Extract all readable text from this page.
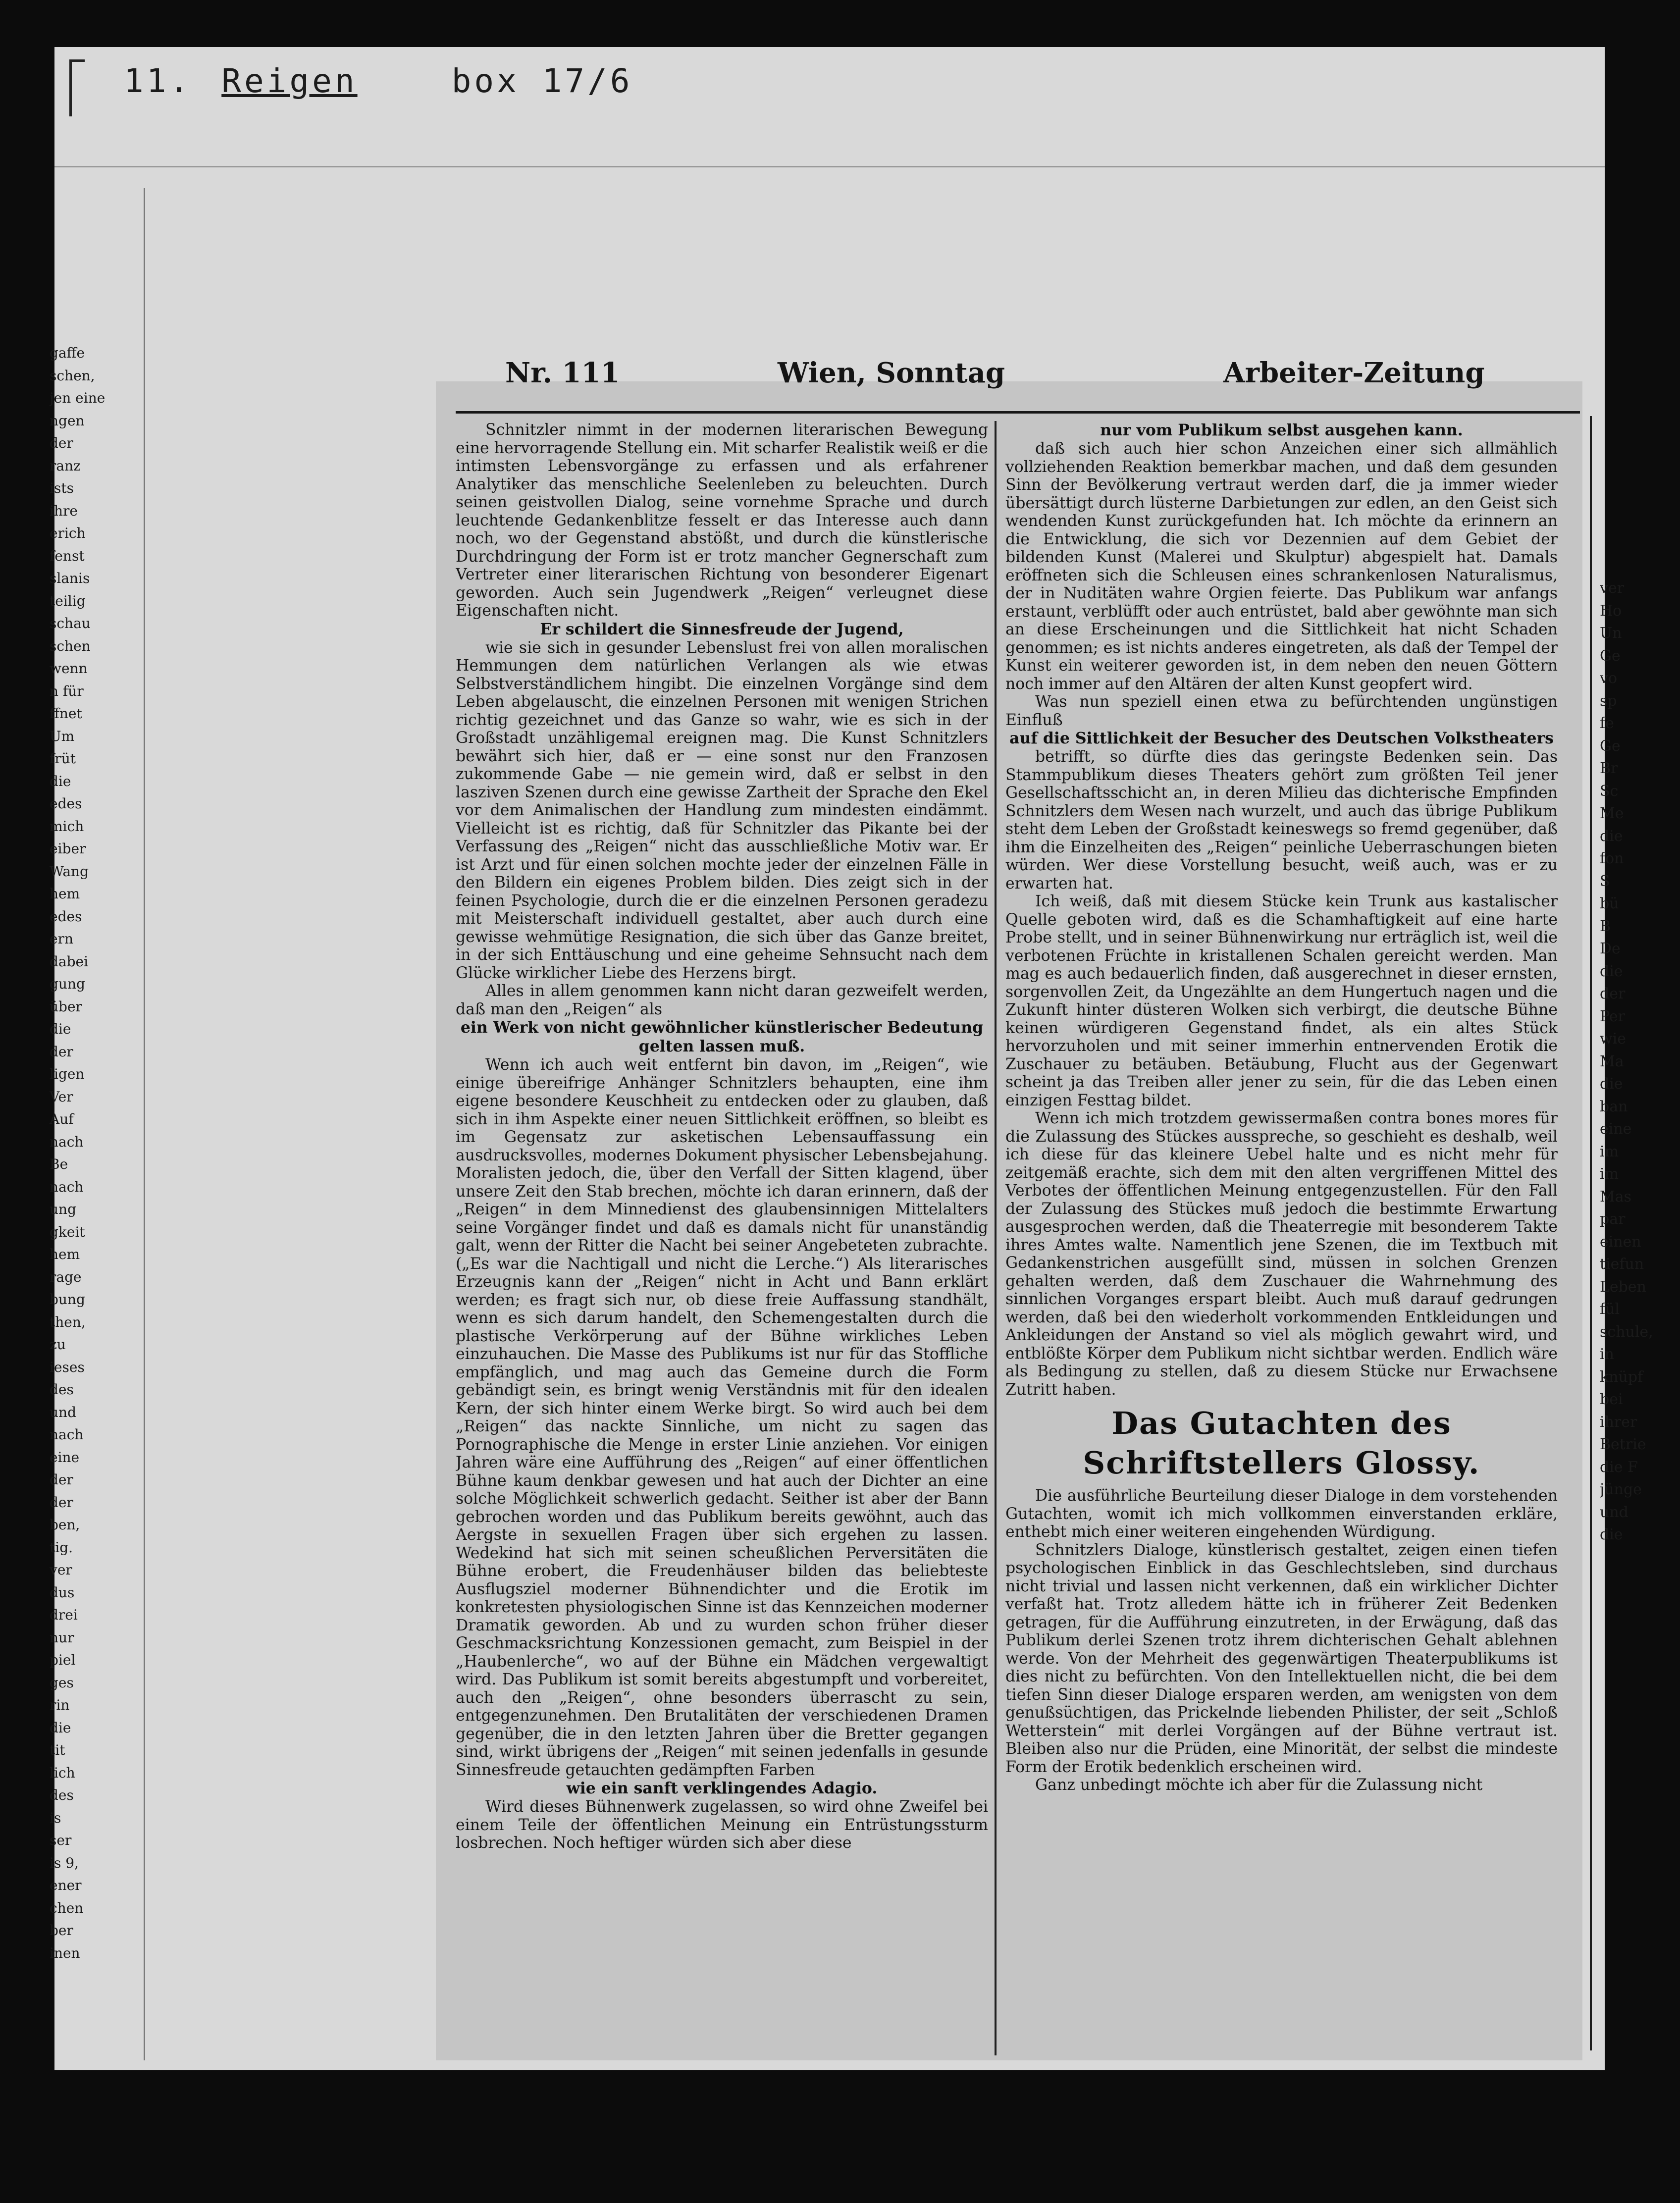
11. Reigen	box 17/6

gaffe

schen,

jen eine

ngen

der

ranz

ists

ihre

erich

fenst

slanis

teilig

schau

schen

wenn

n für

ffnet

Um

früt

die

edes

mich

eiber

Wang

hem

edes

ern

dabei

gung

über

die

der

ligen

Ver

Auf

nach

Be

nach

ung

gkeit

hem

rage

bung

then,

zu

ieses

des

und

nach

eine

der

der

ben,

tig.

ver

dus

drei

nur

piel

ges

rin

die

tit

lich

des

is

ser

is 9,

ener

chen

ber

inen

ver

Ho

Un

Ge

vo

sp

fe

Ge

Br

Sc

Me

die

fon

S

bü

B

De

die

der

Per

wie

Ma

die

ban

eine

im

im

Mas

par

einen

tiefun

Leben

fül

schule,

in

knüpf

bei

ihrer

Betrie

die F

jünge

und

die

Nr. 111	Wien, Sonntag	Arbeiter-Zeitung

Schnitzler nimmt in der modernen literarischen Bewegung eine hervorragende Stellung ein. Mit scharfer Realistik weiß er die intimsten Lebensvorgänge zu erfassen und als erfahrener Analytiker das menschliche Seelenleben zu beleuchten. Durch seinen geistvollen Dialog, seine vornehme Sprache und durch leuchtende Gedankenblitze fesselt er das Interesse auch dann noch, wo der Gegenstand abstößt, und durch die künstlerische Durchdringung der Form ist er trotz mancher Gegnerschaft zum Vertreter einer literarischen Richtung von besonderer Eigenart geworden. Auch sein Jugendwerk „Reigen“ verleugnet diese Eigenschaften nicht.

Er schildert die Sinnesfreude der Jugend,

wie sie sich in gesunder Lebenslust frei von allen moralischen Hemmungen dem natürlichen Verlangen als wie etwas Selbstverständlichem hingibt. Die einzelnen Vorgänge sind dem Leben abgelauscht, die einzelnen Personen mit wenigen Strichen richtig gezeichnet und das Ganze so wahr, wie es sich in der Großstadt unzähligemal ereignen mag. Die Kunst Schnitzlers bewährt sich hier, daß er — eine sonst nur den Franzosen zukommende Gabe — nie gemein wird, daß er selbst in den lasziven Szenen durch eine gewisse Zartheit der Sprache den Ekel vor dem Animalischen der Handlung zum mindesten eindämmt. Vielleicht ist es richtig, daß für Schnitzler das Pikante bei der Verfassung des „Reigen“ nicht das ausschließliche Motiv war. Er ist Arzt und für einen solchen mochte jeder der einzelnen Fälle in den Bildern ein eigenes Problem bilden. Dies zeigt sich in der feinen Psychologie, durch die er die einzelnen Personen geradezu mit Meisterschaft individuell gestaltet, aber auch durch eine gewisse wehmütige Resignation, die sich über das Ganze breitet, in der sich Enttäuschung und eine geheime Sehnsucht nach dem Glücke wirklicher Liebe des Herzens birgt.

Alles in allem genommen kann nicht daran gezweifelt werden, daß man den „Reigen“ als

ein Werk von nicht gewöhnlicher künstlerischer Bedeutung gelten lassen muß.

Wenn ich auch weit entfernt bin davon, im „Reigen“, wie einige übereifrige Anhänger Schnitzlers behaupten, eine ihm eigene besondere Keuschheit zu entdecken oder zu glauben, daß sich in ihm Aspekte einer neuen Sittlichkeit eröffnen, so bleibt es im Gegensatz zur asketischen Lebensauffassung ein ausdrucksvolles, modernes Dokument physischer Lebensbejahung. Moralisten jedoch, die, über den Verfall der Sitten klagend, über unsere Zeit den Stab brechen, möchte ich daran erinnern, daß der „Reigen“ in dem Minnedienst des glaubensinnigen Mittelalters seine Vorgänger findet und daß es damals nicht für unanständig galt, wenn der Ritter die Nacht bei seiner Angebeteten zubrachte. („Es war die Nachtigall und nicht die Lerche.“) Als literarisches Erzeugnis kann der „Reigen“ nicht in Acht und Bann erklärt werden; es fragt sich nur, ob diese freie Auffassung standhält, wenn es sich darum handelt, den Schemengestalten durch die plastische Verkörperung auf der Bühne wirkliches Leben einzuhauchen. Die Masse des Publikums ist nur für das Stoffliche empfänglich, und mag auch das Gemeine durch die Form gebändigt sein, es bringt wenig Verständnis mit für den idealen Kern, der sich hinter einem Werke birgt. So wird auch bei dem „Reigen“ das nackte Sinnliche, um nicht zu sagen das Pornographische die Menge in erster Linie anziehen. Vor einigen Jahren wäre eine Aufführung des „Reigen“ auf einer öffentlichen Bühne kaum denkbar gewesen und hat auch der Dichter an eine solche Möglichkeit schwerlich gedacht. Seither ist aber der Bann gebrochen worden und das Publikum bereits gewöhnt, auch das Aergste in sexuellen Fragen über sich ergehen zu lassen. Wedekind hat sich mit seinen scheußlichen Perversitäten die Bühne erobert, die Freudenhäuser bilden das beliebteste Ausflugsziel moderner Bühnendichter und die Erotik im konkretesten physiologischen Sinne ist das Kennzeichen moderner Dramatik geworden. Ab und zu wurden schon früher dieser Geschmacksrichtung Konzessionen gemacht, zum Beispiel in der „Haubenlerche“, wo auf der Bühne ein Mädchen vergewaltigt wird. Das Publikum ist somit bereits abgestumpft und vorbereitet, auch den „Reigen“, ohne besonders überrascht zu sein, entgegenzunehmen. Den Brutalitäten der verschiedenen Dramen gegenüber, die in den letzten Jahren über die Bretter gegangen sind, wirkt übrigens der „Reigen“ mit seinen jedenfalls in gesunde Sinnesfreude getauchten gedämpften Farben

wie ein sanft verklingendes Adagio.

Wird dieses Bühnenwerk zugelassen, so wird ohne Zweifel bei einem Teile der öffentlichen Meinung ein Entrüstungssturm losbrechen. Noch heftiger würden sich aber diese

nur vom Publikum selbst ausgehen kann.

daß sich auch hier schon Anzeichen einer sich allmählich vollziehenden Reaktion bemerkbar machen, und daß dem gesunden Sinn der Bevölkerung vertraut werden darf, die ja immer wieder übersättigt durch lüsterne Darbietungen zur edlen, an den Geist sich wendenden Kunst zurückgefunden hat. Ich möchte da erinnern an die Entwicklung, die sich vor Dezennien auf dem Gebiet der bildenden Kunst (Malerei und Skulptur) abgespielt hat. Damals eröffneten sich die Schleusen eines schrankenlosen Naturalismus, der in Nuditäten wahre Orgien feierte. Das Publikum war anfangs erstaunt, verblüfft oder auch entrüstet, bald aber gewöhnte man sich an diese Erscheinungen und die Sittlichkeit hat nicht Schaden genommen; es ist nichts anderes eingetreten, als daß der Tempel der Kunst ein weiterer geworden ist, in dem neben den neuen Göttern noch immer auf den Altären der alten Kunst geopfert wird.

Was nun speziell einen etwa zu befürchtenden ungünstigen Einfluß

auf die Sittlichkeit der Besucher des Deutschen Volkstheaters

betrifft, so dürfte dies das geringste Bedenken sein. Das Stammpublikum dieses Theaters gehört zum größten Teil jener Gesellschaftsschicht an, in deren Milieu das dichterische Empfinden Schnitzlers dem Wesen nach wurzelt, und auch das übrige Publikum steht dem Leben der Großstadt keineswegs so fremd gegenüber, daß ihm die Einzelheiten des „Reigen“ peinliche Ueberraschungen bieten würden. Wer diese Vorstellung besucht, weiß auch, was er zu erwarten hat.

Ich weiß, daß mit diesem Stücke kein Trunk aus kastalischer Quelle geboten wird, daß es die Schamhaftigkeit auf eine harte Probe stellt, und in seiner Bühnenwirkung nur erträglich ist, weil die verbotenen Früchte in kristallenen Schalen gereicht werden. Man mag es auch bedauerlich finden, daß ausgerechnet in dieser ernsten, sorgenvollen Zeit, da Ungezählte an dem Hungertuch nagen und die Zukunft hinter düsteren Wolken sich verbirgt, die deutsche Bühne keinen würdigeren Gegenstand findet, als ein altes Stück hervorzuholen und mit seiner immerhin entnervenden Erotik die Zuschauer zu betäuben. Betäubung, Flucht aus der Gegenwart scheint ja das Treiben aller jener zu sein, für die das Leben einen einzigen Festtag bildet.

Wenn ich mich trotzdem gewissermaßen contra bones mores für die Zulassung des Stückes ausspreche, so geschieht es deshalb, weil ich diese für das kleinere Uebel halte und es nicht mehr für zeitgemäß erachte, sich dem mit den alten vergriffenen Mittel des Verbotes der öffentlichen Meinung entgegenzustellen. Für den Fall der Zulassung des Stückes muß jedoch die bestimmte Erwartung ausgesprochen werden, daß die Theaterregie mit besonderem Takte ihres Amtes walte. Namentlich jene Szenen, die im Textbuch mit Gedankenstrichen ausgefüllt sind, müssen in solchen Grenzen gehalten werden, daß dem Zuschauer die Wahrnehmung des sinnlichen Vorganges erspart bleibt. Auch muß darauf gedrungen werden, daß bei den wiederholt vorkommenden Entkleidungen und Ankleidungen der Anstand so viel als möglich gewahrt wird, und entblößte Körper dem Publikum nicht sichtbar werden. Endlich wäre als Bedingung zu stellen, daß zu diesem Stücke nur Erwachsene Zutritt haben.

Das Gutachten des Schriftstellers Glossy.

Die ausführliche Beurteilung dieser Dialoge in dem vorstehenden Gutachten, womit ich mich vollkommen einverstanden erkläre, enthebt mich einer weiteren eingehenden Würdigung.

Schnitzlers Dialoge, künstlerisch gestaltet, zeigen einen tiefen psychologischen Einblick in das Geschlechtsleben, sind durchaus nicht trivial und lassen nicht verkennen, daß ein wirklicher Dichter verfaßt hat. Trotz alledem hätte ich in früherer Zeit Bedenken getragen, für die Aufführung einzutreten, in der Erwägung, daß das Publikum derlei Szenen trotz ihrem dichterischen Gehalt ablehnen werde. Von der Mehrheit des gegenwärtigen Theaterpublikums ist dies nicht zu befürchten. Von den Intellektuellen nicht, die bei dem tiefen Sinn dieser Dialoge ersparen werden, am wenigsten von dem genußsüchtigen, das Prickelnde liebenden Philister, der seit „Schloß Wetterstein“ mit derlei Vorgängen auf der Bühne vertraut ist. Bleiben also nur die Prüden, eine Minorität, der selbst die mindeste Form der Erotik bedenklich erscheinen wird.

Ganz unbedingt möchte ich aber für die Zulassung nicht
